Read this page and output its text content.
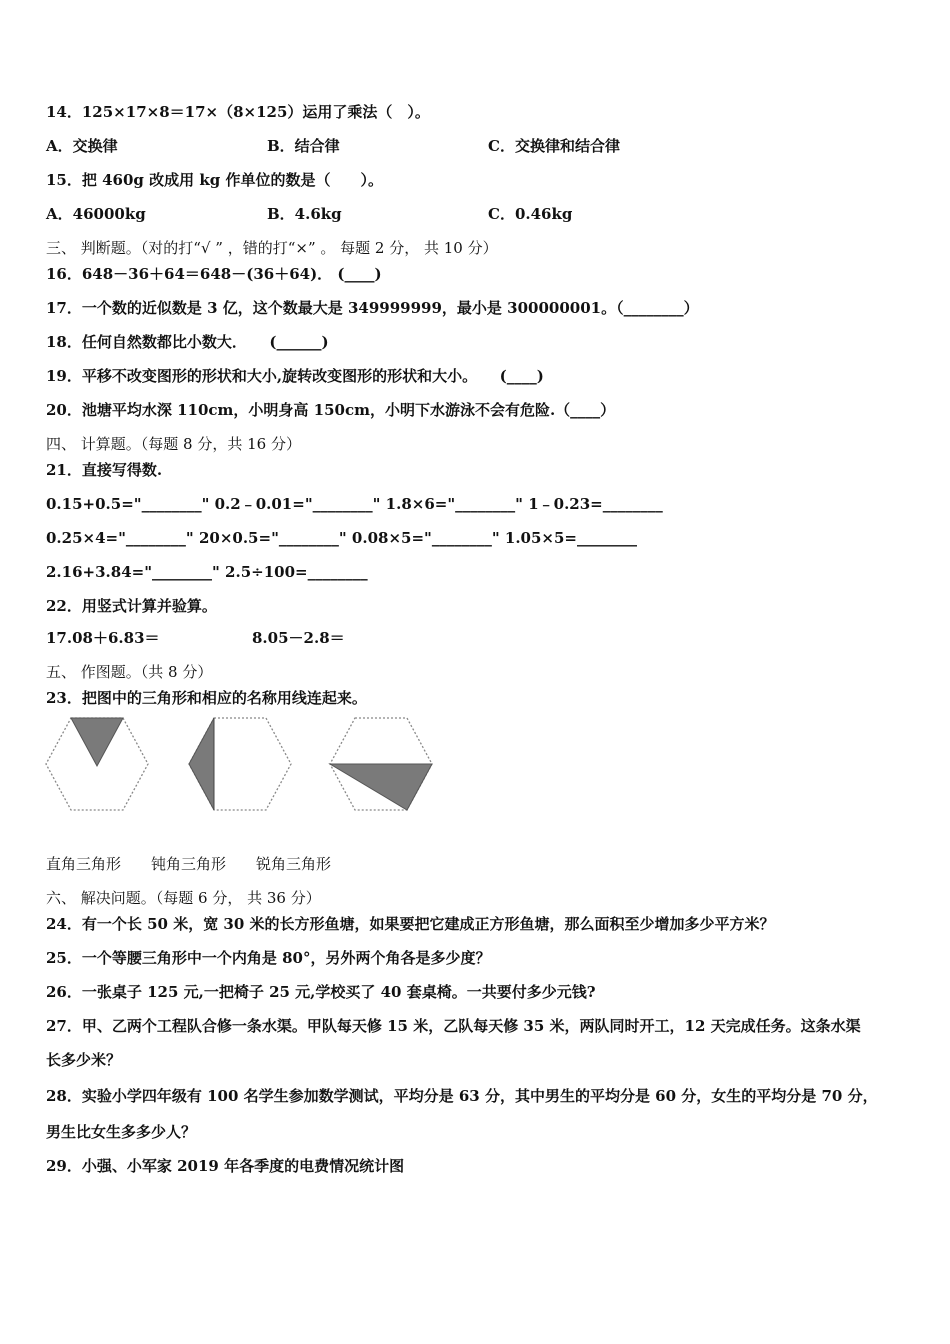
14．125×17×8＝17×（8×125）运用了乘法（　）。
A．交换律	B．结合律	C．交换律和结合律
15．把 460g 改成用 kg 作单位的数是（　　）。
A．46000kg	B．4.6kg	C．0.46kg
三、 判断题。（对的打“√ ” ，错的打“×” 。 每题 2 分， 共 10 分）
16．648－36＋64＝648－(36＋64)． (____)
17．一个数的近似数是 3 亿，这个数最大是 349999999，最小是 300000001。（________）
18．任何自然数都比小数大．　　(______)
19．平移不改变图形的形状和大小,旋转改变图形的形状和大小。　　(____)
20．池塘平均水深 110cm，小明身高 150cm，小明下水游泳不会有危险.（____）
四、 计算题。（每题 8 分，共 16 分）
21．直接写得数.
0.15+0.5="________" 0.2﹣0.01="________" 1.8×6="________" 1﹣0.23=________
0.25×4="________" 20×0.5="________" 0.08×5="________" 1.05×5=________
2.16+3.84="________" 2.5÷100=________
22．用竖式计算并验算。
17.08＋6.83＝	8.05－2.8＝
五、 作图题。（共 8 分）
23．把图中的三角形和相应的名称用线连起来。
直角三角形 钝角三角形 锐角三角形
六、 解决问题。（每题 6 分， 共 36 分）
24．有一个长 50 米，宽 30 米的长方形鱼塘，如果要把它建成正方形鱼塘，那么面积至少增加多少平方米？
25．一个等腰三角形中一个内角是 80°，另外两个角各是多少度？
26．一张桌子 125 元,一把椅子 25 元,学校买了 40 套桌椅。一共要付多少元钱?
27．甲、乙两个工程队合修一条水渠。甲队每天修 15 米，乙队每天修 35 米，两队同时开工，12 天完成任务。这条水渠
长多少米？
28．实验小学四年级有 100 名学生参加数学测试，平均分是 63 分，其中男生的平均分是 60 分，女生的平均分是 70 分，
男生比女生多多少人？
29．小强、小军家 2019 年各季度的电费情况统计图
